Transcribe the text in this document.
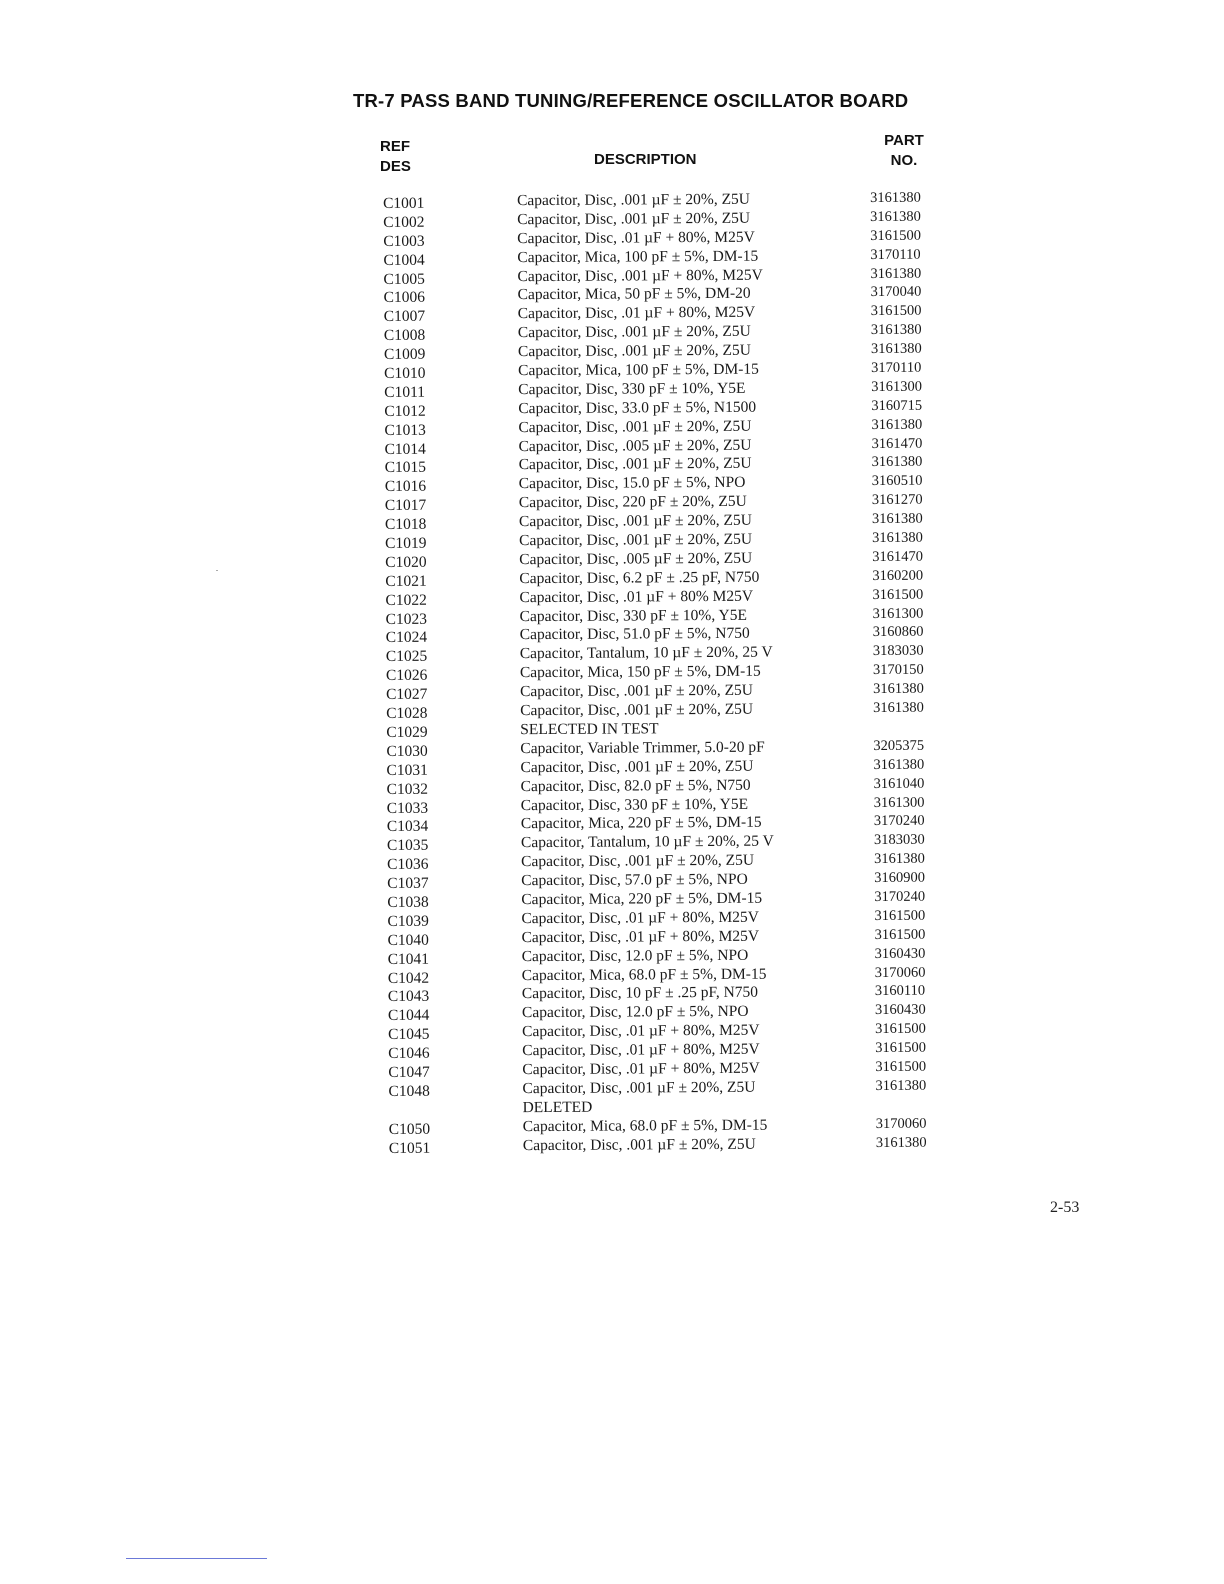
TR-7 PASS BAND TUNING/REFERENCE OSCILLATOR BOARD
REF
DES	DESCRIPTION
PART
NO.
C1001	Capacitor, Disc, .001 µF ± 20%, Z5U	3161380
C1002	Capacitor, Disc, .001 µF ± 20%, Z5U	3161380
C1003	Capacitor, Disc, .01 µF + 80%, M25V	3161500
C1004	Capacitor, Mica, 100 pF ± 5%, DM-15	3170110
C1005	Capacitor, Disc, .001 µF + 80%, M25V	3161380
C1006	Capacitor, Mica, 50 pF ± 5%, DM-20	3170040
C1007	Capacitor, Disc, .01 µF + 80%, M25V	3161500
C1008	Capacitor, Disc, .001 µF ± 20%, Z5U	3161380
C1009	Capacitor, Disc, .001 µF ± 20%, Z5U	3161380
C1010	Capacitor, Mica, 100 pF ± 5%, DM-15	3170110
C1011	Capacitor, Disc, 330 pF ± 10%, Y5E	3161300
C1012	Capacitor, Disc, 33.0 pF ± 5%, N1500	3160715
C1013	Capacitor, Disc, .001 µF ± 20%, Z5U	3161380
C1014	Capacitor, Disc, .005 µF ± 20%, Z5U	3161470
C1015	Capacitor, Disc, .001 µF ± 20%, Z5U	3161380
C1016	Capacitor, Disc, 15.0 pF ± 5%, NPO	3160510
C1017	Capacitor, Disc, 220 pF ± 20%, Z5U	3161270
C1018	Capacitor, Disc, .001 µF ± 20%, Z5U	3161380
C1019	Capacitor, Disc, .001 µF ± 20%, Z5U	3161380
C1020	Capacitor, Disc, .005 µF ± 20%, Z5U	3161470
C1021	Capacitor, Disc, 6.2 pF ± .25 pF, N750	3160200
C1022	Capacitor, Disc, .01 µF + 80% M25V	3161500
C1023	Capacitor, Disc, 330 pF ± 10%, Y5E	3161300
C1024	Capacitor, Disc, 51.0 pF ± 5%, N750	3160860
C1025	Capacitor, Tantalum, 10 µF ± 20%, 25 V	3183030
C1026	Capacitor, Mica, 150 pF ± 5%, DM-15	3170150
C1027	Capacitor, Disc, .001 µF ± 20%, Z5U	3161380
C1028	Capacitor, Disc, .001 µF ± 20%, Z5U	3161380
C1029	SELECTED IN TEST
C1030	Capacitor, Variable Trimmer, 5.0-20 pF	3205375
C1031	Capacitor, Disc, .001 µF ± 20%, Z5U	3161380
C1032	Capacitor, Disc, 82.0 pF ± 5%, N750	3161040
C1033	Capacitor, Disc, 330 pF ± 10%, Y5E	3161300
C1034	Capacitor, Mica, 220 pF ± 5%, DM-15	3170240
C1035	Capacitor, Tantalum, 10 µF ± 20%, 25 V	3183030
C1036	Capacitor, Disc, .001 µF ± 20%, Z5U	3161380
C1037	Capacitor, Disc, 57.0 pF ± 5%, NPO	3160900
C1038	Capacitor, Mica, 220 pF ± 5%, DM-15	3170240
C1039	Capacitor, Disc, .01 µF + 80%, M25V	3161500
C1040	Capacitor, Disc, .01 µF + 80%, M25V	3161500
C1041	Capacitor, Disc, 12.0 pF ± 5%, NPO	3160430
C1042	Capacitor, Mica, 68.0 pF ± 5%, DM-15	3170060
C1043	Capacitor, Disc, 10 pF ± .25 pF, N750	3160110
C1044	Capacitor, Disc, 12.0 pF ± 5%, NPO	3160430
C1045	Capacitor, Disc, .01 µF + 80%, M25V	3161500
C1046	Capacitor, Disc, .01 µF + 80%, M25V	3161500
C1047	Capacitor, Disc, .01 µF + 80%, M25V	3161500
C1048	Capacitor, Disc, .001 µF ± 20%, Z5U	3161380
DELETED
C1050	Capacitor, Mica, 68.0 pF ± 5%, DM-15	3170060
C1051	Capacitor, Disc, .001 µF ± 20%, Z5U	3161380
2-53
